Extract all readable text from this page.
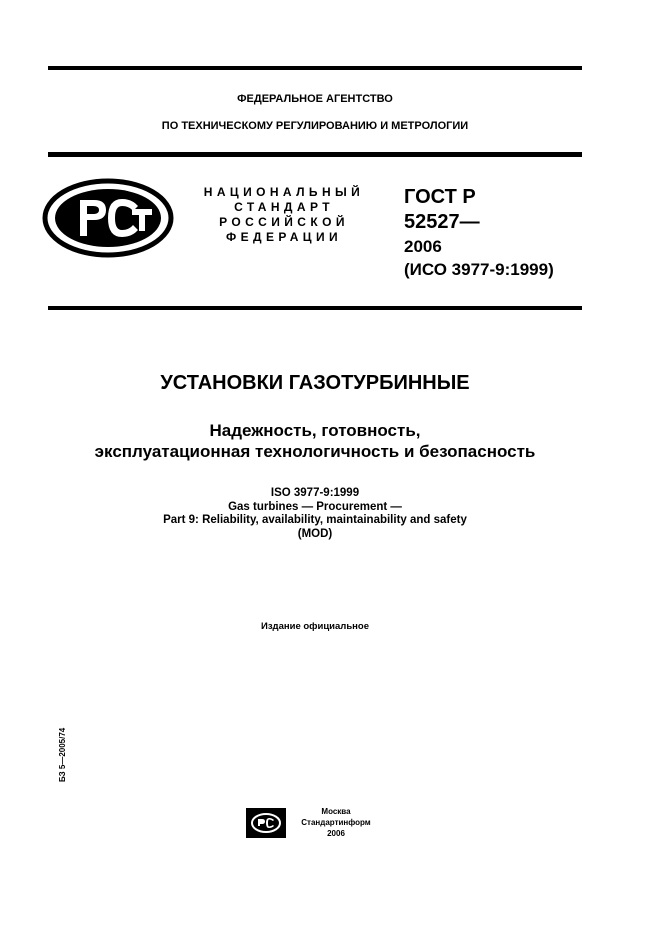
ФЕДЕРАЛЬНОЕ АГЕНТСТВО
ПО ТЕХНИЧЕСКОМУ РЕГУЛИРОВАНИЮ И МЕТРОЛОГИИ
НАЦИОНАЛЬНЫЙ
СТАНДАРТ
РОССИЙСКОЙ
ФЕДЕРАЦИИ
ГОСТ Р
52527—
2006
(ИСО 3977-9:1999)
УСТАНОВКИ ГАЗОТУРБИННЫЕ
Надежность, готовность,
эксплуатационная технологичность и безопасность
ISO 3977-9:1999
Gas turbines — Procurement —
Part 9: Reliability, availability, maintainability and safety
(MOD)
Издание официальное
БЗ 5—2005/74
Москва
Стандартинформ
2006
